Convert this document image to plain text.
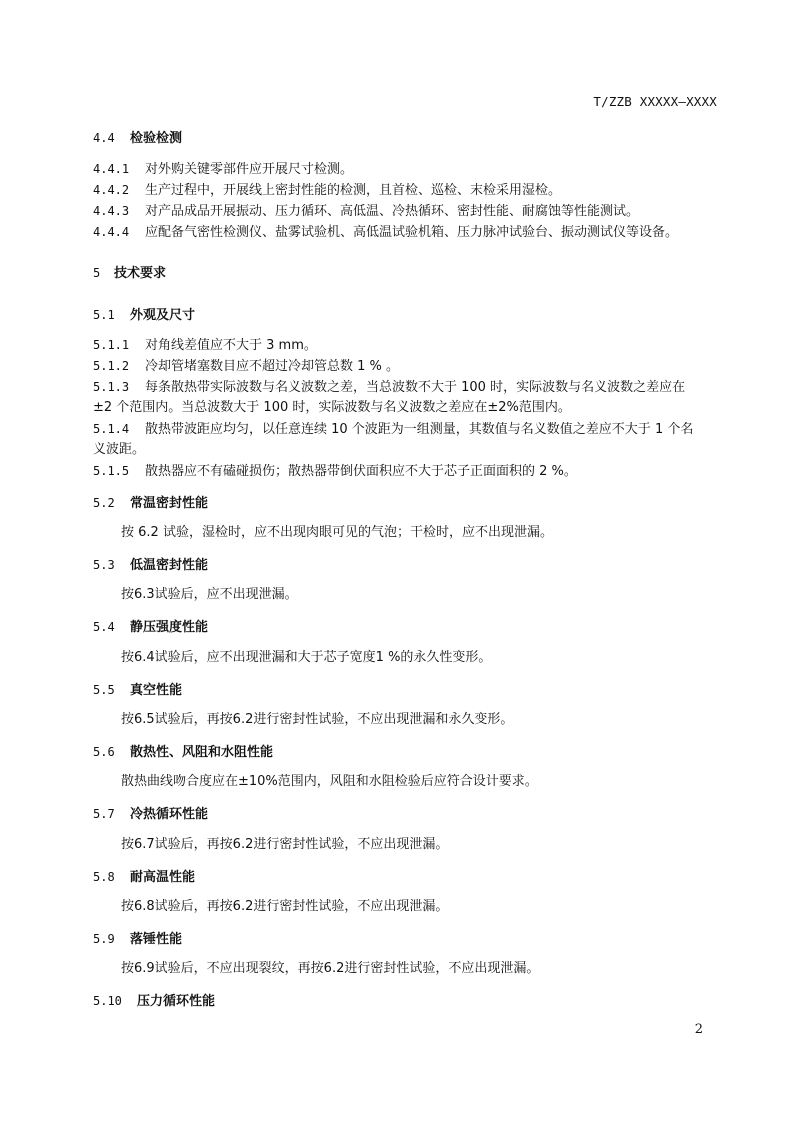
T/ZZB XXXXX—XXXX
4.4 检验检测
4.4.1 对外购关键零部件应开展尺寸检测。
4.4.2 生产过程中，开展线上密封性能的检测，且首检、巡检、末检采用湿检。
4.4.3 对产品成品开展振动、压力循环、高低温、冷热循环、密封性能、耐腐蚀等性能测试。
4.4.4 应配备气密性检测仪、盐雾试验机、高低温试验机箱、压力脉冲试验台、振动测试仪等设备。
5 技术要求
5.1 外观及尺寸
5.1.1 对角线差值应不大于 3 mm。
5.1.2 冷却管堵塞数目应不超过冷却管总数 1 % 。
5.1.3 每条散热带实际波数与名义波数之差，当总波数不大于 100 时，实际波数与名义波数之差应在
±2 个范围内。当总波数大于 100 时，实际波数与名义波数之差应在±2%范围内。
5.1.4 散热带波距应均匀，以任意连续 10 个波距为一组测量，其数值与名义数值之差应不大于 1 个名
义波距。
5.1.5 散热器应不有磕碰损伤；散热器带倒伏面积应不大于芯子正面面积的 2 %。
5.2 常温密封性能
按 6.2 试验，湿检时，应不出现肉眼可见的气泡；干检时，应不出现泄漏。
5.3 低温密封性能
按6.3试验后，应不出现泄漏。
5.4 静压强度性能
按6.4试验后，应不出现泄漏和大于芯子宽度1 %的永久性变形。
5.5 真空性能
按6.5试验后，再按6.2进行密封性试验，不应出现泄漏和永久变形。
5.6 散热性、风阻和水阻性能
散热曲线吻合度应在±10%范围内，风阻和水阻检验后应符合设计要求。
5.7 冷热循环性能
按6.7试验后，再按6.2进行密封性试验，不应出现泄漏。
5.8 耐高温性能
按6.8试验后，再按6.2进行密封性试验，不应出现泄漏。
5.9 落锤性能
按6.9试验后，不应出现裂纹，再按6.2进行密封性试验，不应出现泄漏。
5.10 压力循环性能
2
